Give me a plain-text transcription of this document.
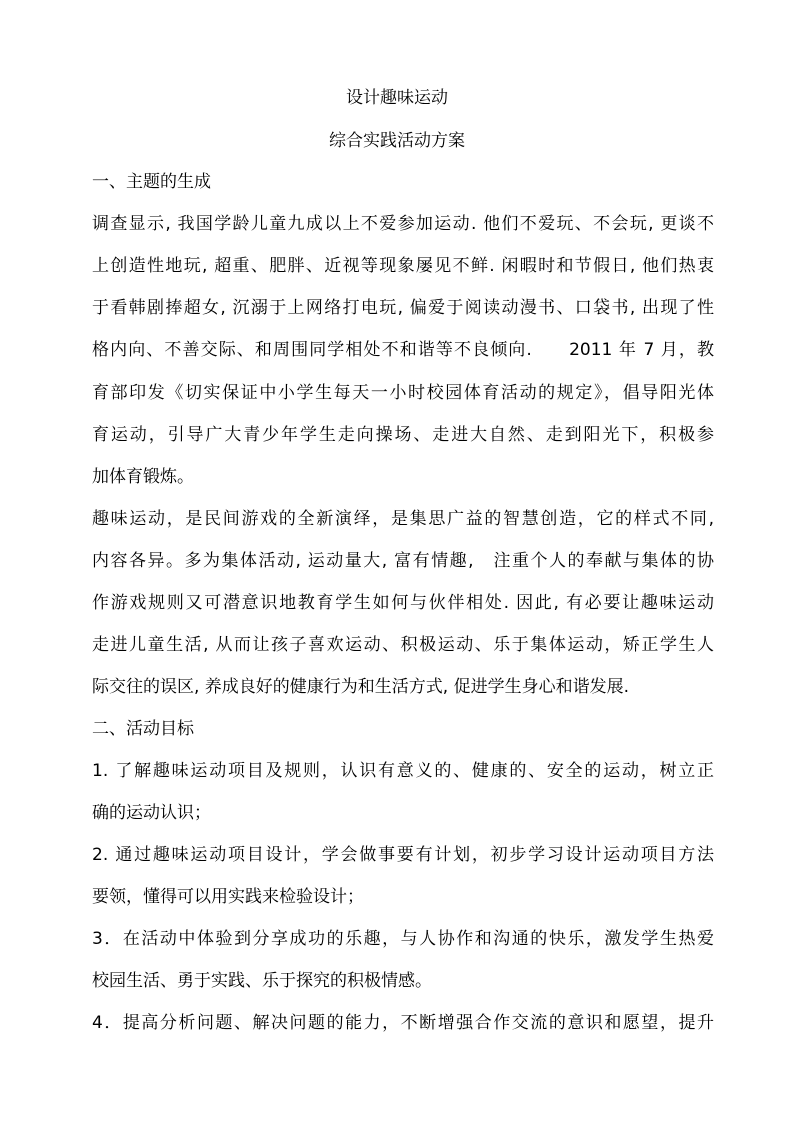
设计趣味运动
综合实践活动方案
一、主题的生成
调查显示, 我国学龄儿童九成以上不爱参加运动. 他们不爱玩、不会玩, 更谈不
上创造性地玩, 超重、肥胖、近视等现象屡见不鲜. 闲暇时和节假日, 他们热衷
于看韩剧捧超女, 沉溺于上网络打电玩, 偏爱于阅读动漫书、口袋书, 出现了性
格内向、不善交际、和周围同学相处不和谐等不良倾向.　　2011 年 7 月，教
育部印发《切实保证中小学生每天一小时校园体育活动的规定》，倡导阳光体
育运动，引导广大青少年学生走向操场、走进大自然、走到阳光下，积极参
加体育锻炼。
趣味运动，是民间游戏的全新演绎，是集思广益的智慧创造，它的样式不同,
内容各异。多为集体活动, 运动量大, 富有情趣,　注重个人的奉献与集体的协
作游戏规则又可潜意识地教育学生如何与伙伴相处. 因此, 有必要让趣味运动
走进儿童生活, 从而让孩子喜欢运动、积极运动、乐于集体运动，矫正学生人
际交往的误区, 养成良好的健康行为和生活方式, 促进学生身心和谐发展.
二、活动目标
1. 了解趣味运动项目及规则，认识有意义的、健康的、安全的运动，树立正
确的运动认识；
2. 通过趣味运动项目设计，学会做事要有计划，初步学习设计运动项目方法
要领，懂得可以用实践来检验设计；
3．在活动中体验到分享成功的乐趣，与人协作和沟通的快乐，激发学生热爱
校园生活、勇于实践、乐于探究的积极情感。
4．提高分析问题、解决问题的能力，不断增强合作交流的意识和愿望，提升
